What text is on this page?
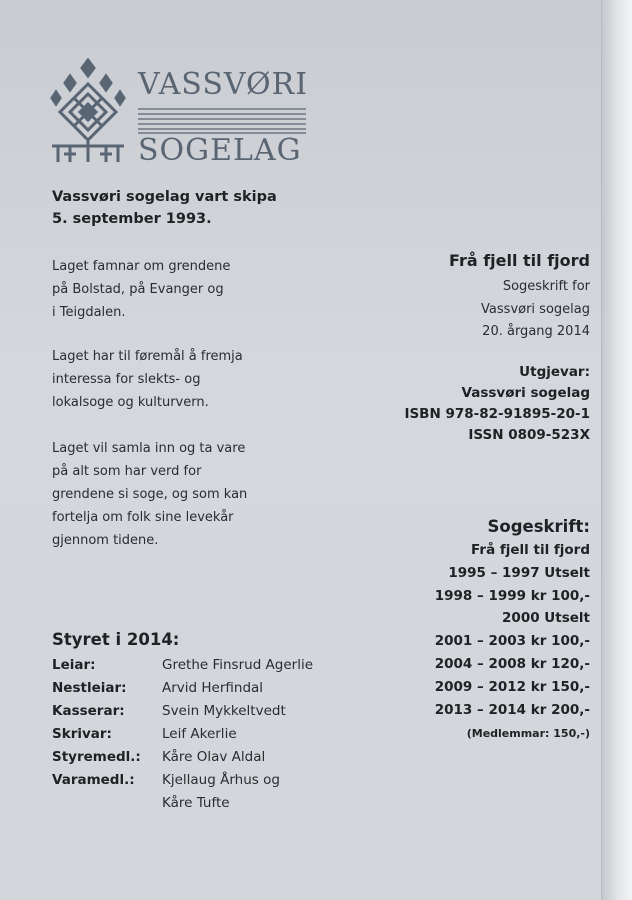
VASSVØRI
SOGELAG
Vassvøri sogelag vart skipa
5. september 1993.
Laget famnar om grendene
på Bolstad, på Evanger og
i Teigdalen.
Laget har til føremål å fremja
interessa for slekts- og
lokalsoge og kulturvern.
Laget vil samla inn og ta vare
på alt som har verd for
grendene si soge, og som kan
fortelja om folk sine levekår
gjennom tidene.
Styret i 2014:
Leiar:	Grethe Finsrud Agerlie
Nestleiar:	Arvid Herfindal
Kasserar:	Svein Mykkeltvedt
Skrivar:	Leif Akerlie
Styremedl.: Kåre Olav Aldal
Varamedl.: Kjellaug Århus og
Kåre Tufte
Frå fjell til fjord
Sogeskrift for
Vassvøri sogelag
20. årgang 2014
Utgjevar:
Vassvøri sogelag
ISBN 978-82-91895-20-1
ISSN 0809-523X
Sogeskrift:
Frå fjell til fjord
1995 – 1997 Utselt
1998 – 1999 kr 100,-
2000 Utselt
2001 – 2003 kr 100,-
2004 – 2008 kr 120,-
2009 – 2012 kr 150,-
2013 – 2014 kr 200,-
(Medlemmar: 150,-)
